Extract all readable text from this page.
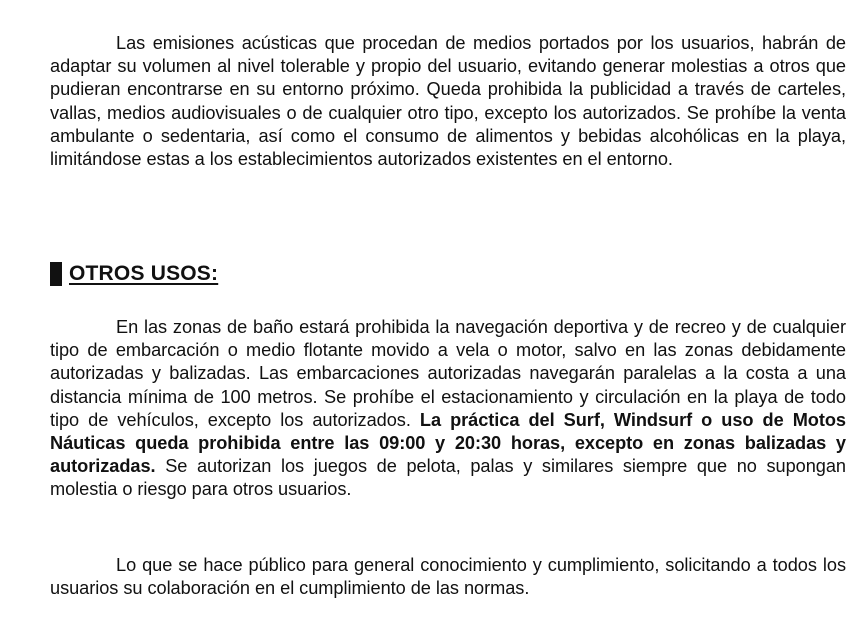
Las emisiones acústicas que procedan de medios portados por los usuarios, habrán de adaptar su volumen al nivel tolerable y propio del usuario, evitando generar molestias a otros que pudieran encontrarse en su entorno próximo. Queda prohibida la publicidad a través de carteles, vallas, medios audiovisuales o de cualquier otro tipo, excepto los autorizados. Se prohíbe la venta ambulante o sedentaria, así como el consumo de alimentos y bebidas alcohólicas en la playa, limitándose estas a los establecimientos autorizados existentes en el entorno.

OTROS USOS:

En las zonas de baño estará prohibida la navegación deportiva y de recreo y de cualquier tipo de embarcación o medio flotante movido a vela o motor, salvo en las zonas debidamente autorizadas y balizadas. Las embarcaciones autorizadas navegarán paralelas a la costa a una distancia mínima de 100 metros. Se prohíbe el estacionamiento y circulación en la playa de todo tipo de vehículos, excepto los autorizados. La práctica del Surf, Windsurf o uso de Motos Náuticas queda prohibida entre las 09:00 y 20:30 horas, excepto en zonas balizadas y autorizadas. Se autorizan los juegos de pelota, palas y similares siempre que no supongan molestia o riesgo para otros usuarios.

Lo que se hace público para general conocimiento y cumplimiento, solicitando a todos los usuarios su colaboración en el cumplimiento de las normas.
